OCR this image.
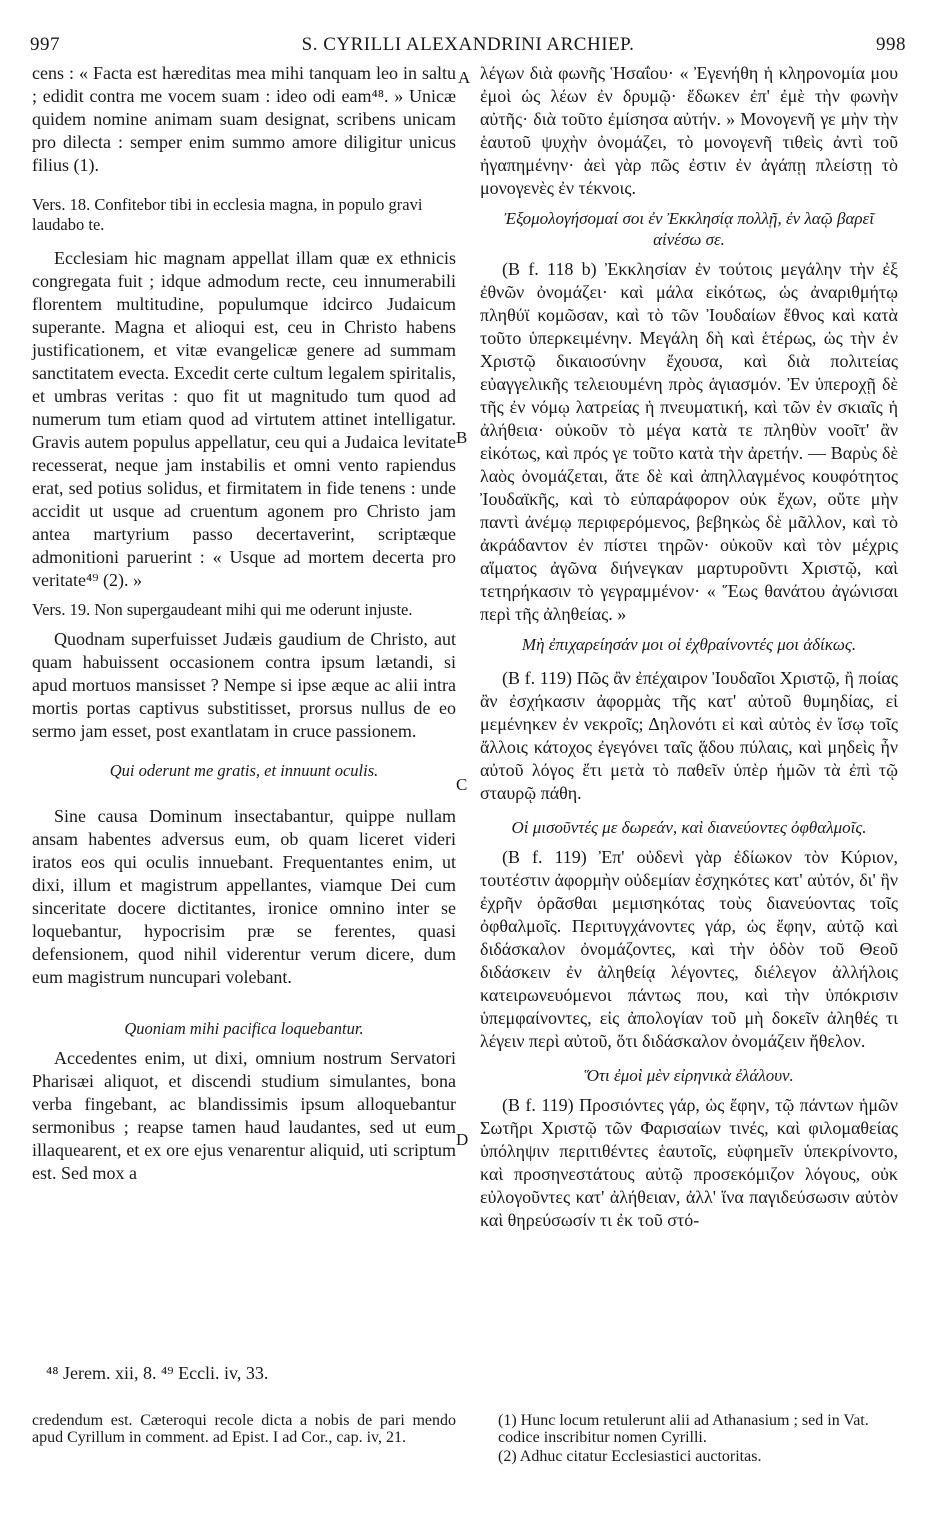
997	S. CYRILLI ALEXANDRINI ARCHIEP.	998

cens : « Facta est hæreditas mea mihi tanquam leo in saltu ; edidit contra me vocem suam : ideo odi eam⁴⁸. » Unicæ quidem nomine animam suam designat, scribens unicam pro dilecta : semper enim summo amore diligitur unicus filius (1).

Vers. 18. Confitebor tibi in ecclesia magna, in populo gravi laudabo te.

Ecclesiam hic magnam appellat illam quæ ex ethnicis congregata fuit ; idque admodum recte, ceu innumerabili florentem multitudine, populumque idcirco Judaicum superante. Magna et alioqui est, ceu in Christo habens justificationem, et vitæ evangelicæ genere ad summam sanctitatem evecta. Excedit certe cultum legalem spiritalis, et umbras veritas : quo fit ut magnitudo tum quod ad numerum tum etiam quod ad virtutem attinet intelligatur. Gravis autem populus appellatur, ceu qui a Judaica levitate recesserat, neque jam instabilis et omni vento rapiendus erat, sed potius solidus, et firmitatem in fide tenens : unde accidit ut usque ad cruentum agonem pro Christo jam antea martyrium passo decertaverint, scriptæque admonitioni paruerint : « Usque ad mortem decerta pro veritate⁴⁹ (2). »

Vers. 19. Non supergaudeant mihi qui me oderunt injuste.

Quodnam superfuisset Judæis gaudium de Christo, aut quam habuissent occasionem contra ipsum lætandi, si apud mortuos mansisset ? Nempe si ipse æque ac alii intra mortis portas captivus substitisset, prorsus nullus de eo sermo jam esset, post exantlatam in cruce passionem.

Qui oderunt me gratis, et innuunt oculis.

Sine causa Dominum insectabantur, quippe nullam ansam habentes adversus eum, ob quam liceret videri iratos eos qui oculis innuebant. Frequentantes enim, ut dixi, illum et magistrum appellantes, viamque Dei cum sinceritate docere dictitantes, ironice omnino inter se loquebantur, hypocrisim præ se ferentes, quasi defensionem, quod nihil viderentur verum dicere, dum eum magistrum nuncupari volebant.

Quoniam mihi pacifica loquebantur.

Accedentes enim, ut dixi, omnium nostrum Servatori Pharisæi aliquot, et discendi studium simulantes, bona verba fingebant, ac blandissimis ipsum alloquebantur sermonibus ; reapse tamen haud laudantes, sed ut eum illaquearent, et ex ore ejus venarentur aliquid, uti scriptum est. Sed mox a

λέγων διὰ φωνῆς Ἡσαΐου· « Ἐγενήθη ἡ κληρονομία μου ἐμοὶ ὡς λέων ἐν δρυμῷ· ἔδωκεν ἐπ' ἐμὲ τὴν φωνὴν αὐτῆς· διὰ τοῦτο ἐμίσησα αὐτήν. » Μονογενῆ γε μὴν τὴν ἑαυτοῦ ψυχὴν ὀνομάζει, τὸ μονογενῆ τιθεὶς ἀντὶ τοῦ ἠγαπημένην· ἀεὶ γὰρ πῶς ἐστιν ἐν ἀγάπῃ πλείστῃ τὸ μονογενὲς ἐν τέκνοις.

Ἐξομολογήσομαί σοι ἐν Ἐκκλησίᾳ πολλῇ, ἐν λαῷ βαρεῖ αἰνέσω σε.

(B f. 118 b) Ἐκκλησίαν ἐν τούτοις μεγάλην τὴν ἐξ ἐθνῶν ὀνομάζει· καὶ μάλα εἰκότως, ὡς ἀναριθμήτῳ πληθύϊ κομῶσαν, καὶ τὸ τῶν Ἰουδαίων ἔθνος καὶ κατὰ τοῦτο ὑπερκειμένην. Μεγάλη δὴ καὶ ἑτέρως, ὡς τὴν ἐν Χριστῷ δικαιοσύνην ἔχουσα, καὶ διὰ πολιτείας εὐαγγελικῆς τελειουμένη πρὸς ἁγιασμόν. Ἐν ὑπεροχῇ δὲ τῆς ἐν νόμῳ λατρείας ἡ πνευματική, καὶ τῶν ἐν σκιαῖς ἡ ἀλήθεια· οὐκοῦν τὸ μέγα κατὰ τε πληθὺν νοοῖτ' ἂν εἰκότως, καὶ πρός γε τοῦτο κατὰ τὴν ἀρετήν. — Βαρὺς δὲ λαὸς ὀνομάζεται, ἅτε δὲ καὶ ἀπηλλαγμένος κουφότητος Ἰουδαϊκῆς, καὶ τὸ εὐπαράφορον οὐκ ἔχων, οὔτε μὴν παντὶ ἀνέμῳ περιφερόμενος, βεβηκὼς δὲ μᾶλλον, καὶ τὸ ἀκράδαντον ἐν πίστει τηρῶν· οὐκοῦν καὶ τὸν μέχρις αἵματος ἀγῶνα διήνεγκαν μαρτυροῦντι Χριστῷ, καὶ τετηρήκασιν τὸ γεγραμμένον· « Ἕως θανάτου ἀγώνισαι περὶ τῆς ἀληθείας. »

Μὴ ἐπιχαρείησάν μοι οἱ ἐχθραίνοντές μοι ἀδίκως.

(B f. 119) Πῶς ἂν ἐπέχαιρον Ἰουδαῖοι Χριστῷ, ἢ ποίας ἂν ἐσχήκασιν ἀφορμὰς τῆς κατ' αὐτοῦ θυμηδίας, εἰ μεμένηκεν ἐν νεκροῖς; Δηλονότι εἰ καὶ αὐτὸς ἐν ἴσῳ τοῖς ἄλλοις κάτοχος ἐγεγόνει ταῖς ᾅδου πύλαις, καὶ μηδεὶς ἦν αὐτοῦ λόγος ἔτι μετὰ τὸ παθεῖν ὑπὲρ ἡμῶν τὰ ἐπὶ τῷ σταυρῷ πάθη.

Οἱ μισοῦντές με δωρεάν, καὶ διανεύοντες ὀφθαλμοῖς.

(B f. 119) Ἐπ' οὐδενὶ γὰρ ἐδίωκον τὸν Κύριον, τουτέστιν ἀφορμὴν οὐδεμίαν ἐσχηκότες κατ' αὐτόν, δι' ἣν ἐχρῆν ὁρᾶσθαι μεμισηκότας τοὺς διανεύοντας τοῖς ὀφθαλμοῖς. Περιτυγχάνοντες γάρ, ὡς ἔφην, αὐτῷ καὶ διδάσκαλον ὀνομάζοντες, καὶ τὴν ὁδὸν τοῦ Θεοῦ διδάσκειν ἐν ἀληθείᾳ λέγοντες, διέλεγον ἀλλήλοις κατειρωνευόμενοι πάντως που, καὶ τὴν ὑπόκρισιν ὑπεμφαίνοντες, εἰς ἀπολογίαν τοῦ μὴ δοκεῖν ἀληθές τι λέγειν περὶ αὐτοῦ, ὅτι διδάσκαλον ὀνομάζειν ἤθελον.

Ὅτι ἐμοὶ μὲν εἰρηνικὰ ἐλάλουν.

(B f. 119) Προσιόντες γάρ, ὡς ἔφην, τῷ πάντων ἡμῶν Σωτῆρι Χριστῷ τῶν Φαρισαίων τινές, καὶ φιλομαθείας ὑπόληψιν περιτιθέντες ἑαυτοῖς, εὐφημεῖν ὑπεκρίνοντο, καὶ προσηνεστάτους αὐτῷ προσεκόμιζον λόγους, οὐκ εὐλογοῦντες κατ' ἀλήθειαν, ἀλλ' ἵνα παγιδεύσωσιν αὐτὸν καὶ θηρεύσωσίν τι ἐκ τοῦ στό-

A
B
C
D
⁴⁸ Jerem. xii, 8. ⁴⁹ Eccli. iv, 33.
credendum est. Cæteroqui recole dicta a nobis de pari mendo apud Cyrillum in comment. ad Epist. I ad Cor., cap. iv, 21.
(1) Hunc locum retulerunt alii ad Athanasium ; sed in Vat. codice inscribitur nomen Cyrilli.
(2) Adhuc citatur Ecclesiastici auctoritas.
